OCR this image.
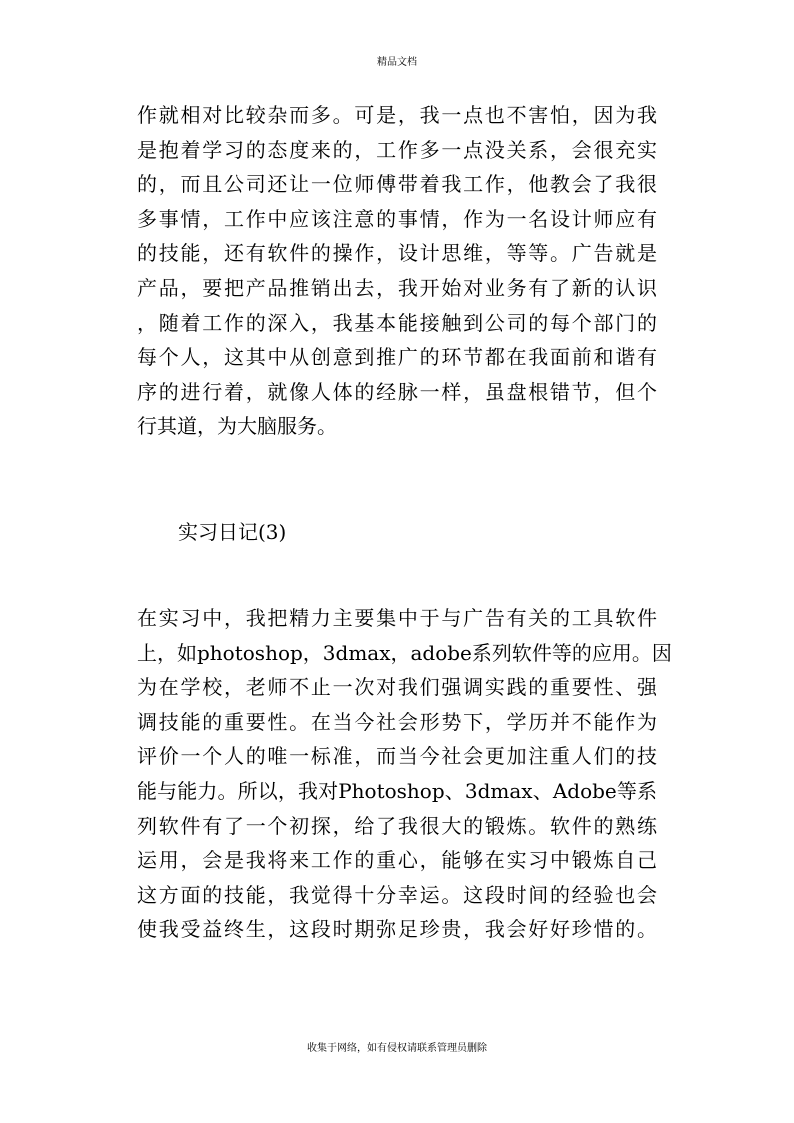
精品文档
作就相对比较杂而多。可是，我一点也不害怕，因为我
是抱着学习的态度来的，工作多一点没关系，会很充实
的，而且公司还让一位师傅带着我工作，他教会了我很
多事情，工作中应该注意的事情，作为一名设计师应有
的技能，还有软件的操作，设计思维，等等。广告就是
产品，要把产品推销出去，我开始对业务有了新的认识
，随着工作的深入，我基本能接触到公司的每个部门的
每个人，这其中从创意到推广的环节都在我面前和谐有
序的进行着，就像人体的经脉一样，虽盘根错节，但个
行其道，为大脑服务。
实习日记(3)
在实习中，我把精力主要集中于与广告有关的工具软件
上，如photoshop，3dmax，adobe系列软件等的应用。因
为在学校，老师不止一次对我们强调实践的重要性、强
调技能的重要性。在当今社会形势下，学历并不能作为
评价一个人的唯一标准，而当今社会更加注重人们的技
能与能力。所以，我对Photoshop、3dmax、Adobe等系
列软件有了一个初探，给了我很大的锻炼。软件的熟练
运用，会是我将来工作的重心，能够在实习中锻炼自己
这方面的技能，我觉得十分幸运。这段时间的经验也会
使我受益终生，这段时期弥足珍贵，我会好好珍惜的。
收集于网络，如有侵权请联系管理员删除
